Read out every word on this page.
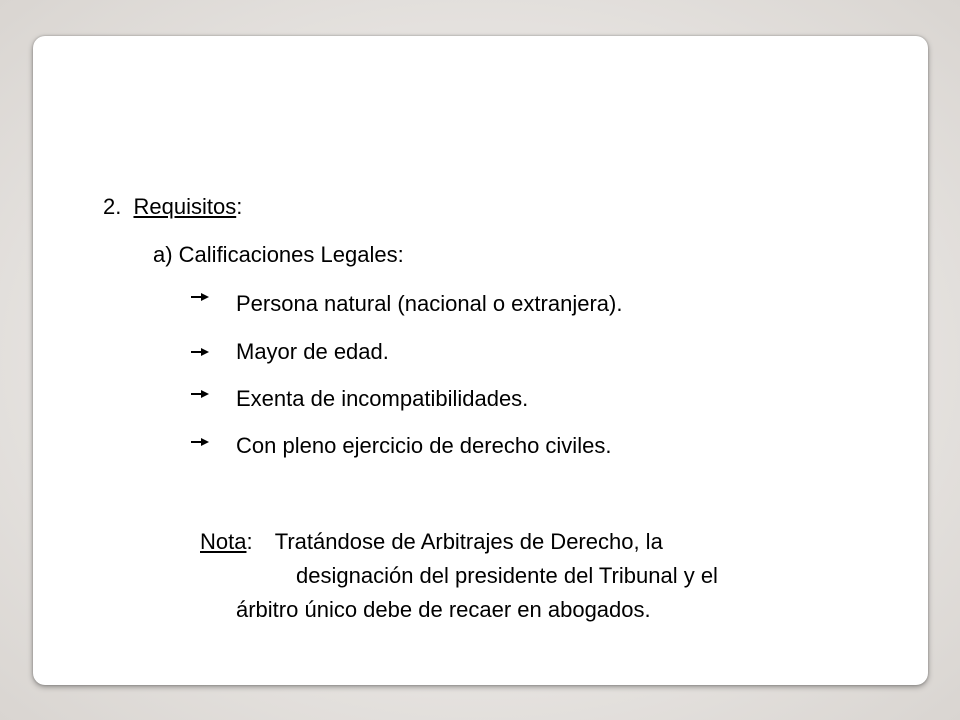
2. Requisitos:
a) Calificaciones Legales:
Persona natural (nacional o extranjera).
Mayor de edad.
Exenta de incompatibilidades.
Con pleno ejercicio de derecho civiles.
Nota: Tratándose de Arbitrajes de Derecho, la
designación del presidente del Tribunal y el
árbitro único debe de recaer en abogados.
